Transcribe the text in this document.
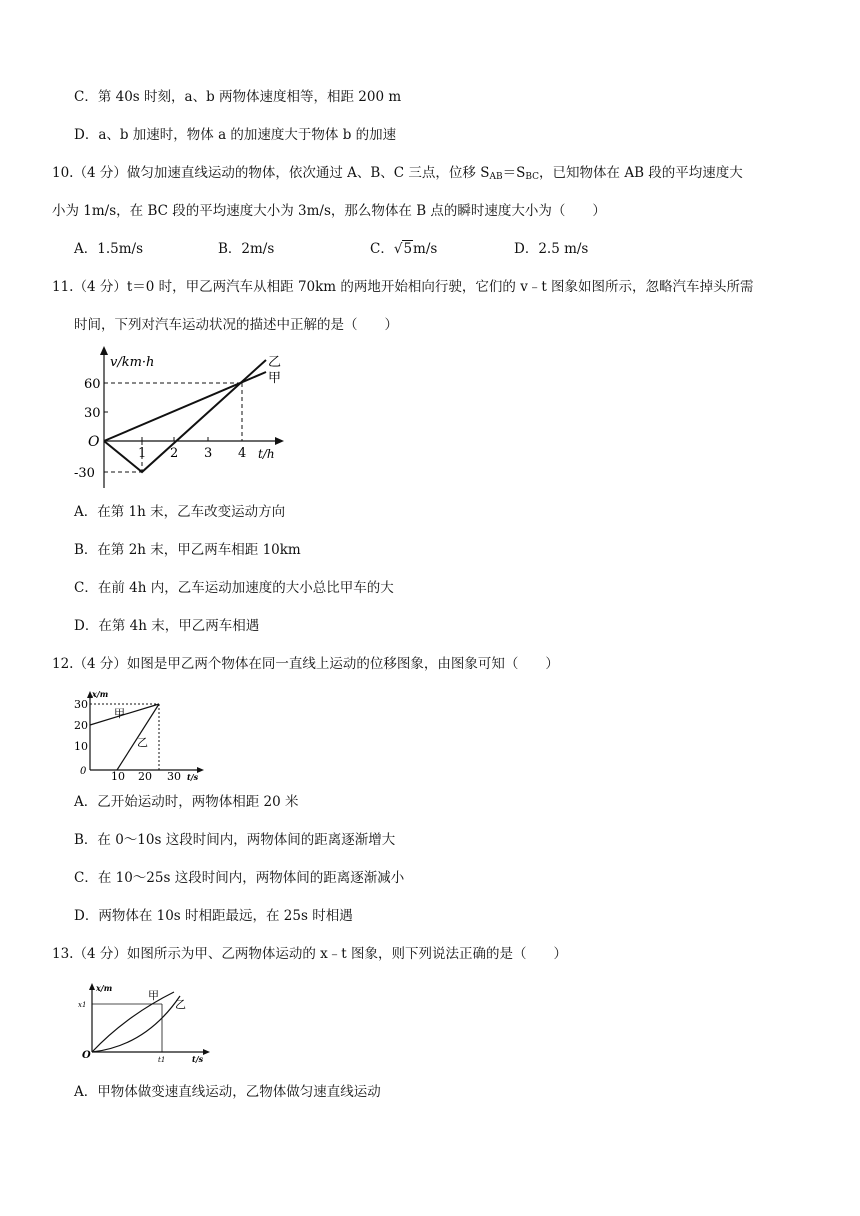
C．第 40s 时刻，a、b 两物体速度相等，相距 200 m
D．a、b 加速时，物体 a 的加速度大于物体 b 的加速
10.（4 分）做匀加速直线运动的物体，依次通过 A、B、C 三点，位移 $S_{AB}=S_{BC}$，已知物体在 AB 段的平均速度大
小为 1m/s，在 BC 段的平均速度大小为 3m/s，那么物体在 B 点的瞬时速度大小为（　　）
A．1.5m/s	B．2m/s	C．√5m/s	D．2.5 m/s
11.（4 分）t＝0 时，甲乙两汽车从相距 70km 的两地开始相向行驶，它们的 v﹣t 图象如图所示，忽略汽车掉头所需
时间，下列对汽车运动状况的描述中正解的是（　　）
v/km·h
60
30
-30
O
1 2 3 4 t/h
乙
甲
A．在第 1h 末，乙车改变运动方向
B．在第 2h 末，甲乙两车相距 10km
C．在前 4h 内，乙车运动加速度的大小总比甲车的大
D．在第 4h 末，甲乙两车相遇
12.（4 分）如图是甲乙两个物体在同一直线上运动的位移图象，由图象可知（　　）
x/m
30
20
10
0 10 20 30 t/s
甲
乙
A．乙开始运动时，两物体相距 20 米
B．在 0～10s 这段时间内，两物体间的距离逐渐增大
C．在 10～25s 这段时间内，两物体间的距离逐渐减小
D．两物体在 10s 时相距最远，在 25s 时相遇
13.（4 分）如图所示为甲、乙两物体运动的 x﹣t 图象，则下列说法正确的是（　　）
x/m
x1
O	t1	t/s
甲
乙
A．甲物体做变速直线运动，乙物体做匀速直线运动
